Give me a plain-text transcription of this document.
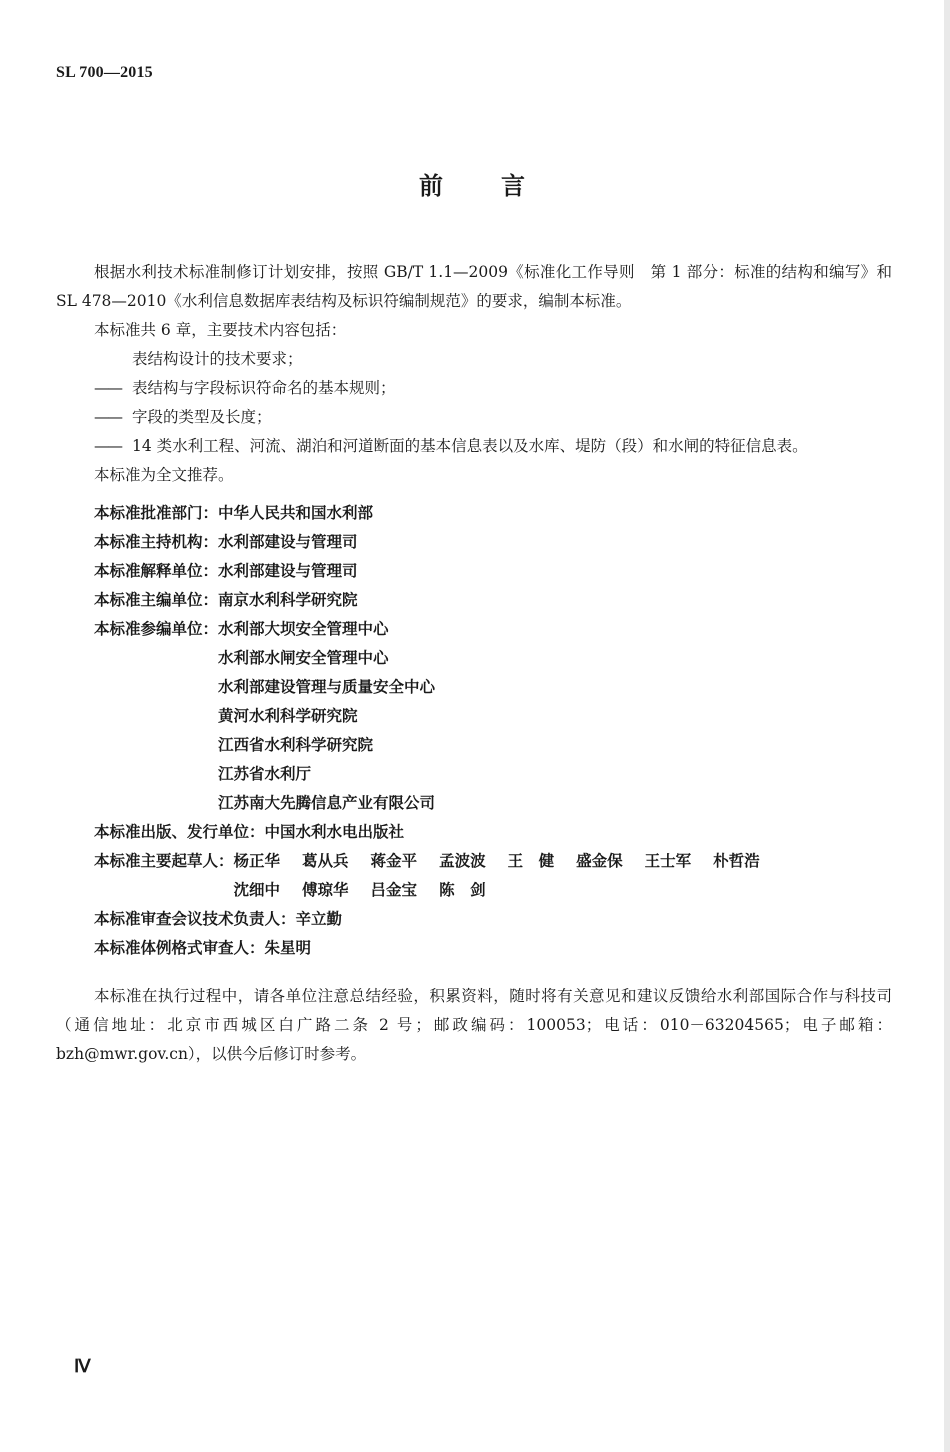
SL 700—2015
前 言

根据水利技术标准制修订计划安排，按照 GB/T 1.1—2009《标准化工作导则　第 1 部分：标准的结构和编写》和 SL 478—2010《水利信息数据库表结构及标识符编制规范》的要求，编制本标准。

本标准共 6 章，主要技术内容包括：

表结构设计的技术要求；

—— 表结构与字段标识符命名的基本规则；

—— 字段的类型及长度；

—— 14 类水利工程、河流、湖泊和河道断面的基本信息表以及水库、堤防（段）和水闸的特征信息表。

本标准为全文推荐。

本标准批准部门： 中华人民共和国水利部
本标准主持机构： 水利部建设与管理司
本标准解释单位： 水利部建设与管理司
本标准主编单位： 南京水利科学研究院
本标准参编单位： 水利部大坝安全管理中心
水利部水闸安全管理中心
水利部建设管理与质量安全中心
黄河水利科学研究院
江西省水利科学研究院
江苏省水利厅
江苏南大先腾信息产业有限公司
本标准出版、发行单位： 中国水利水电出版社
本标准主要起草人： 杨正华 葛从兵 蒋金平 孟波波 王　健 盛金保 王士军 朴哲浩
沈细中 傅琼华 吕金宝 陈　剑
本标准审查会议技术负责人： 辛立勤
本标准体例格式审查人： 朱星明

本标准在执行过程中，请各单位注意总结经验，积累资料，随时将有关意见和建议反馈给水利部国际合作与科技司（通信地址：北京市西城区白广路二条 2 号；邮政编码：100053；电话：010－63204565；电子邮箱：bzh@mwr.gov.cn），以供今后修订时参考。

Ⅳ
